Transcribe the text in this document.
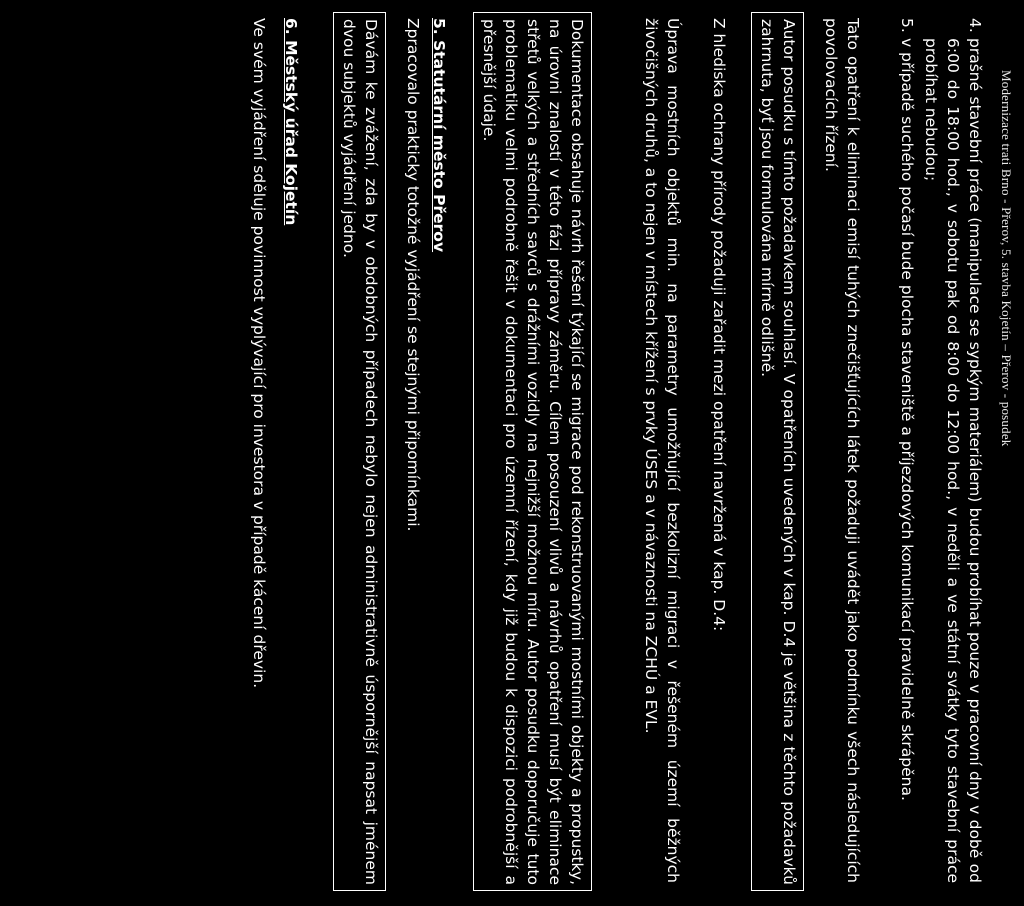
Modernizace trati Brno - Přerov, 5. stavba Kojetín – Přerov - posudek
4.
prašné stavební práce (manipulace se sypkým materiálem) budou probíhat pouze v pracovní dny v době od 6:00 do 18:00 hod., v sobotu pak od 8:00 do 12:00 hod., v neděli a ve státní svátky tyto stavební práce probíhat nebudou;
5.
v případě suchého počasí bude plocha staveniště a příjezdových komunikací pravidelně skrápěna.

Tato opatření k eliminaci emisí tuhých znečišťujících látek požaduji uvádět jako podmínku všech následujících povolovacích řízení.

Autor posudku s tímto požadavkem souhlasí. V opatřeních uvedených v kap. D.4 je většina z těchto požadavků zahrnuta, byť jsou formulována mírně odlišně.

Z hlediska ochrany přírody požaduji zařadit mezi opatření navržená v kap. D.4:

Úprava mostních objektů min. na parametry umožňující bezkolizní migraci v řešeném území běžných živočišných druhů, a to nejen v místech křížení s prvky ÚSES a v návaznosti na ZCHÚ a EVL.

Dokumentace obsahuje návrh řešení týkající se migrace pod rekonstruovanými mostními objekty a propustky, na úrovni znalostí v této fázi přípravy záměru. Cílem posouzení vlivů a návrhů opatření musí být eliminace střetů velkých a středních savců s drážními vozidly na nejnižší možnou míru. Autor posudku doporučuje tuto problematiku velmi podrobně řešit v dokumentaci pro územní řízení, kdy již budou k dispozici podrobnější a přesnější údaje.

5. Statutární město Přerov

Zpracovalo prakticky totožné vyjádření se stejnými připomínkami.

Dávám ke zvážení, zda by v obdobných případech nebylo nejen administrativně úspornější napsat jménem dvou subjektů vyjádření jedno.

6. Městský úřad Kojetín

Ve svém vyjádření sděluje povinnost vyplývající pro investora v případě kácení dřevin.
